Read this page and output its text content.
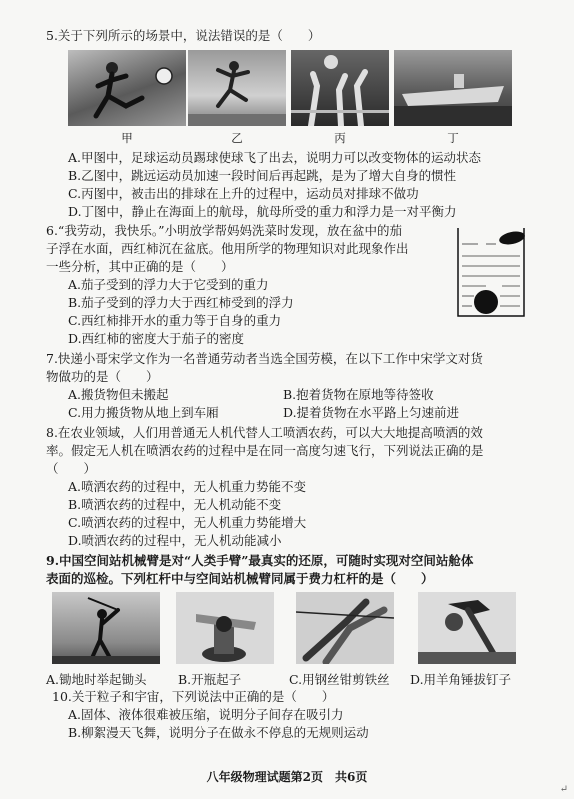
5.关于下列所示的场景中，说法错误的是（　　）
甲	乙	丙	丁
A.甲图中，足球运动员踢球使球飞了出去，说明力可以改变物体的运动状态
B.乙图中，跳远运动员加速一段时间后再起跳，是为了增大自身的惯性
C.丙图中，被击出的排球在上升的过程中，运动员对排球不做功
D.丁图中，静止在海面上的航母，航母所受的重力和浮力是一对平衡力
6.“我劳动，我快乐。”小明放学帮妈妈洗菜时发现，放在盆中的茄
子浮在水面，西红柿沉在盆底。他用所学的物理知识对此现象作出
一些分析，其中正确的是（　　）
A.茄子受到的浮力大于它受到的重力
B.茄子受到的浮力大于西红柿受到的浮力
C.西红柿排开水的重力等于自身的重力
D.西红柿的密度大于茄子的密度
7.快递小哥宋学文作为一名普通劳动者当选全国劳模，在以下工作中宋学文对货
物做功的是（　　）
A.搬货物但未搬起	B.抱着货物在原地等待签收
C.用力搬货物从地上到车厢	D.提着货物在水平路上匀速前进
8.在农业领域，人们用普通无人机代替人工喷洒农药，可以大大地提高喷洒的效
率。假定无人机在喷洒农药的过程中是在同一高度匀速飞行，下列说法正确的是
（　　）
A.喷洒农药的过程中，无人机重力势能不变
B.喷洒农药的过程中，无人机动能不变
C.喷洒农药的过程中，无人机重力势能增大
D.喷洒农药的过程中，无人机动能减小
9.中国空间站机械臂是对“人类手臂”最真实的还原，可随时实现对空间站舱体
表面的巡检。下列杠杆中与空间站机械臂同属于费力杠杆的是（　　）
A.锄地时举起锄头	B.开瓶起子	C.用钢丝钳剪铁丝 D.用羊角锤拔钉子
10.关于粒子和宇宙，下列说法中正确的是（　　）
A.固体、液体很难被压缩，说明分子间存在吸引力
B.柳絮漫天飞舞，说明分子在做永不停息的无规则运动
八年级物理试题第2页　共6页
↵
